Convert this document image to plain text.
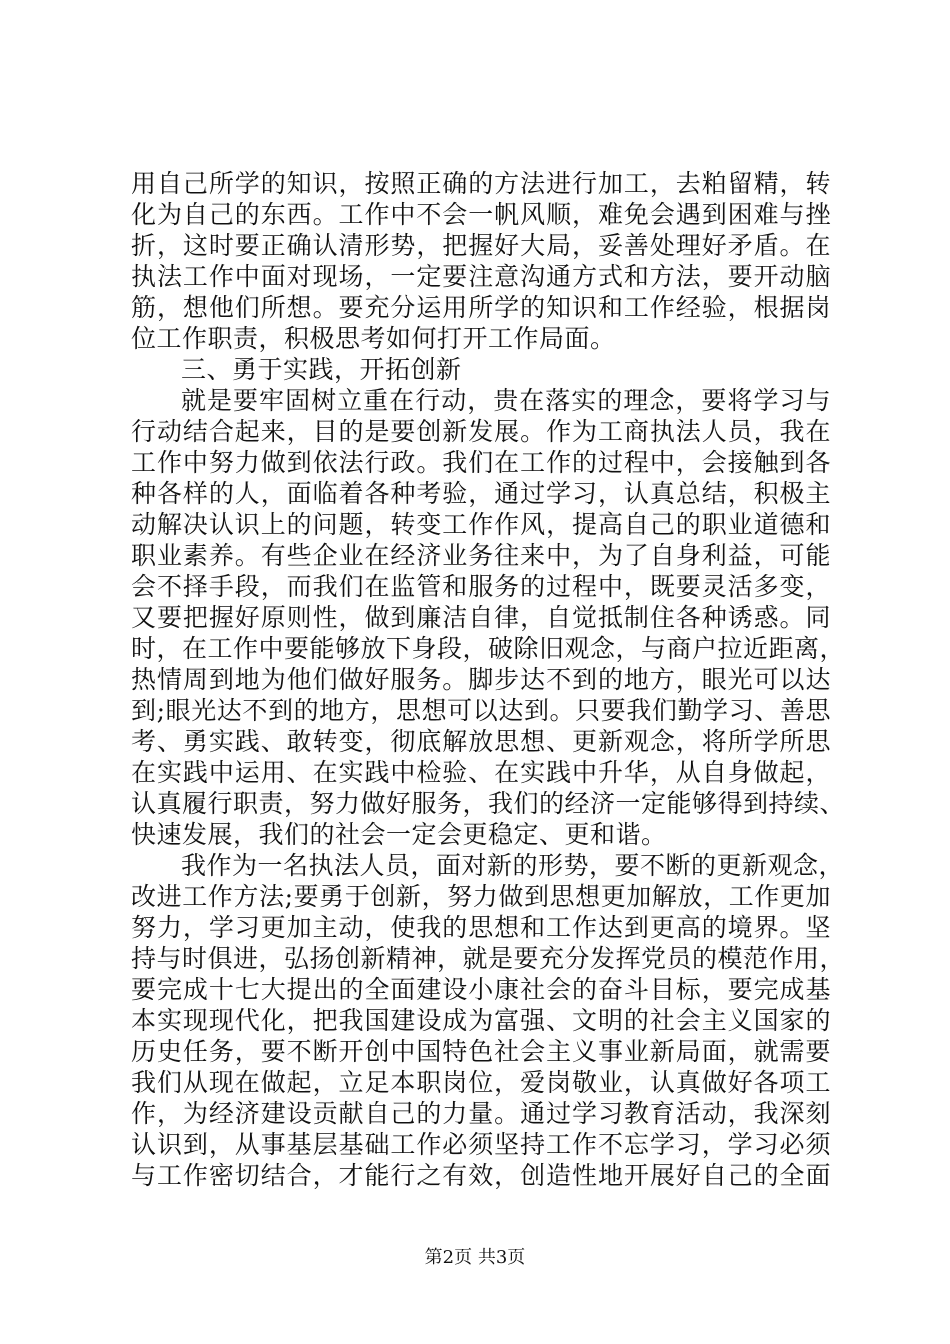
用自己所学的知识，按照正确的方法进行加工，去粕留精，转
化为自己的东西。工作中不会一帆风顺，难免会遇到困难与挫
折，这时要正确认清形势，把握好大局，妥善处理好矛盾。在
执法工作中面对现场，一定要注意沟通方式和方法，要开动脑
筋，想他们所想。要充分运用所学的知识和工作经验，根据岗
位工作职责，积极思考如何打开工作局面。
三、勇于实践，开拓创新
就是要牢固树立重在行动，贵在落实的理念，要将学习与
行动结合起来，目的是要创新发展。作为工商执法人员，我在
工作中努力做到依法行政。我们在工作的过程中，会接触到各
种各样的人，面临着各种考验，通过学习，认真总结，积极主
动解决认识上的问题，转变工作作风，提高自己的职业道德和
职业素养。有些企业在经济业务往来中，为了自身利益，可能
会不择手段，而我们在监管和服务的过程中，既要灵活多变，
又要把握好原则性，做到廉洁自律，自觉抵制住各种诱惑。同
时，在工作中要能够放下身段，破除旧观念，与商户拉近距离，
热情周到地为他们做好服务。脚步达不到的地方，眼光可以达
到;眼光达不到的地方，思想可以达到。只要我们勤学习、善思
考、勇实践、敢转变，彻底解放思想、更新观念，将所学所思
在实践中运用、在实践中检验、在实践中升华，从自身做起，
认真履行职责，努力做好服务，我们的经济一定能够得到持续、
快速发展，我们的社会一定会更稳定、更和谐。
我作为一名执法人员，面对新的形势，要不断的更新观念，
改进工作方法;要勇于创新，努力做到思想更加解放，工作更加
努力，学习更加主动，使我的思想和工作达到更高的境界。坚
持与时俱进，弘扬创新精神，就是要充分发挥党员的模范作用，
要完成十七大提出的全面建设小康社会的奋斗目标，要完成基
本实现现代化，把我国建设成为富强、文明的社会主义国家的
历史任务，要不断开创中国特色社会主义事业新局面，就需要
我们从现在做起，立足本职岗位，爱岗敬业，认真做好各项工
作，为经济建设贡献自己的力量。通过学习教育活动，我深刻
认识到，从事基层基础工作必须坚持工作不忘学习，学习必须
与工作密切结合，才能行之有效，创造性地开展好自己的全面
第2页 共3页
